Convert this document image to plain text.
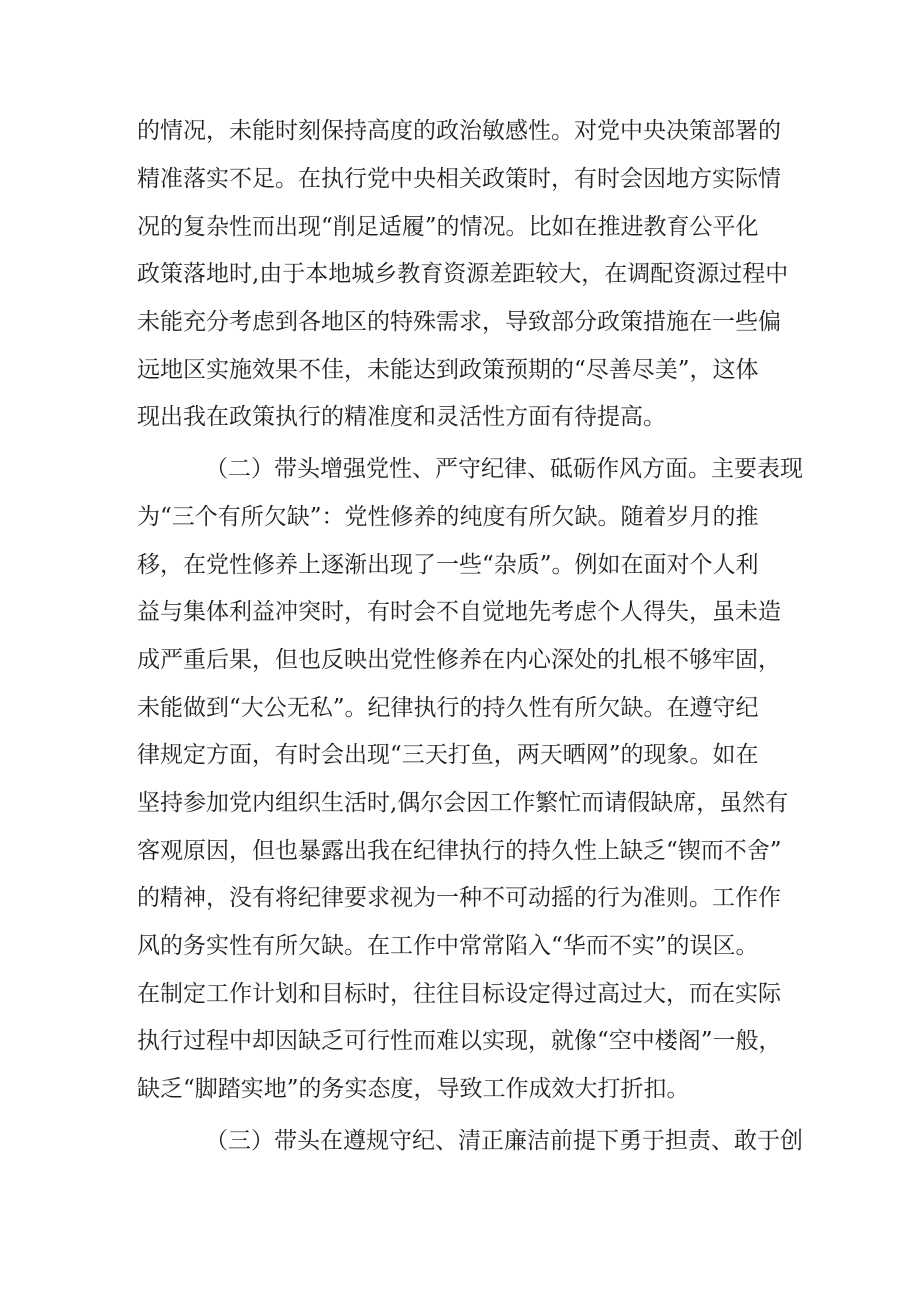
的情况，未能时刻保持高度的政治敏感性。对党中央决策部署的
精准落实不足。在执行党中央相关政策时，有时会因地方实际情
况的复杂性而出现“削足适履”的情况。比如在推进教育公平化
政策落地时,由于本地城乡教育资源差距较大，在调配资源过程中
未能充分考虑到各地区的特殊需求，导致部分政策措施在一些偏
远地区实施效果不佳，未能达到政策预期的“尽善尽美”，这体
现出我在政策执行的精准度和灵活性方面有待提高。
（二）带头增强党性、严守纪律、砥砺作风方面。主要表现
为“三个有所欠缺”：党性修养的纯度有所欠缺。随着岁月的推
移，在党性修养上逐渐出现了一些“杂质”。例如在面对个人利
益与集体利益冲突时，有时会不自觉地先考虑个人得失，虽未造
成严重后果，但也反映出党性修养在内心深处的扎根不够牢固，
未能做到“大公无私”。纪律执行的持久性有所欠缺。在遵守纪
律规定方面，有时会出现“三天打鱼，两天晒网”的现象。如在
坚持参加党内组织生活时,偶尔会因工作繁忙而请假缺席，虽然有
客观原因，但也暴露出我在纪律执行的持久性上缺乏“锲而不舍”
的精神，没有将纪律要求视为一种不可动摇的行为准则。工作作
风的务实性有所欠缺。在工作中常常陷入“华而不实”的误区。
在制定工作计划和目标时，往往目标设定得过高过大，而在实际
执行过程中却因缺乏可行性而难以实现，就像“空中楼阁”一般，
缺乏“脚踏实地”的务实态度，导致工作成效大打折扣。
（三）带头在遵规守纪、清正廉洁前提下勇于担责、敢于创
